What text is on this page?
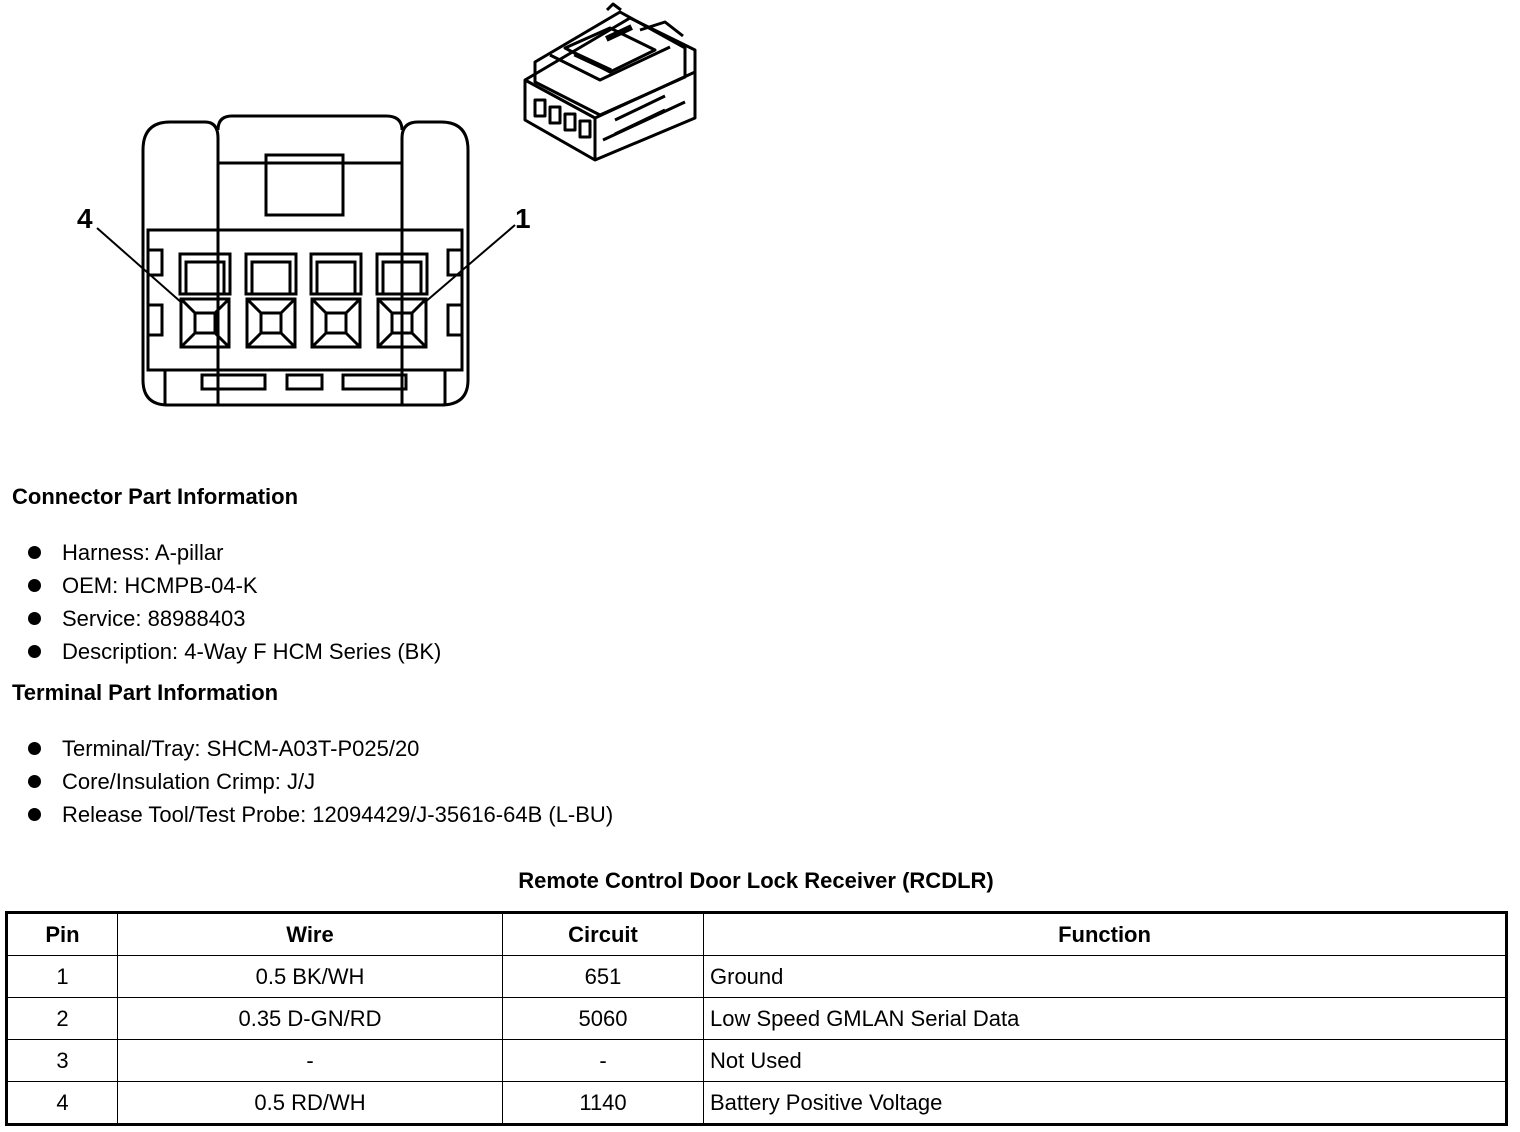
4	1
Connector Part Information
Harness: A-pillar
OEM: HCMPB-04-K
Service: 88988403
Description: 4-Way F HCM Series (BK)
Terminal Part Information
Terminal/Tray: SHCM-A03T-P025/20
Core/Insulation Crimp: J/J
Release Tool/Test Probe: 12094429/J-35616-64B (L-BU)
Remote Control Door Lock Receiver (RCDLR)
Pin	Wire	Circuit	Function
1	0.5 BK/WH	651	Ground
2	0.35 D-GN/RD	5060	Low Speed GMLAN Serial Data
3	-	-	Not Used
4	0.5 RD/WH	1140	Battery Positive Voltage
